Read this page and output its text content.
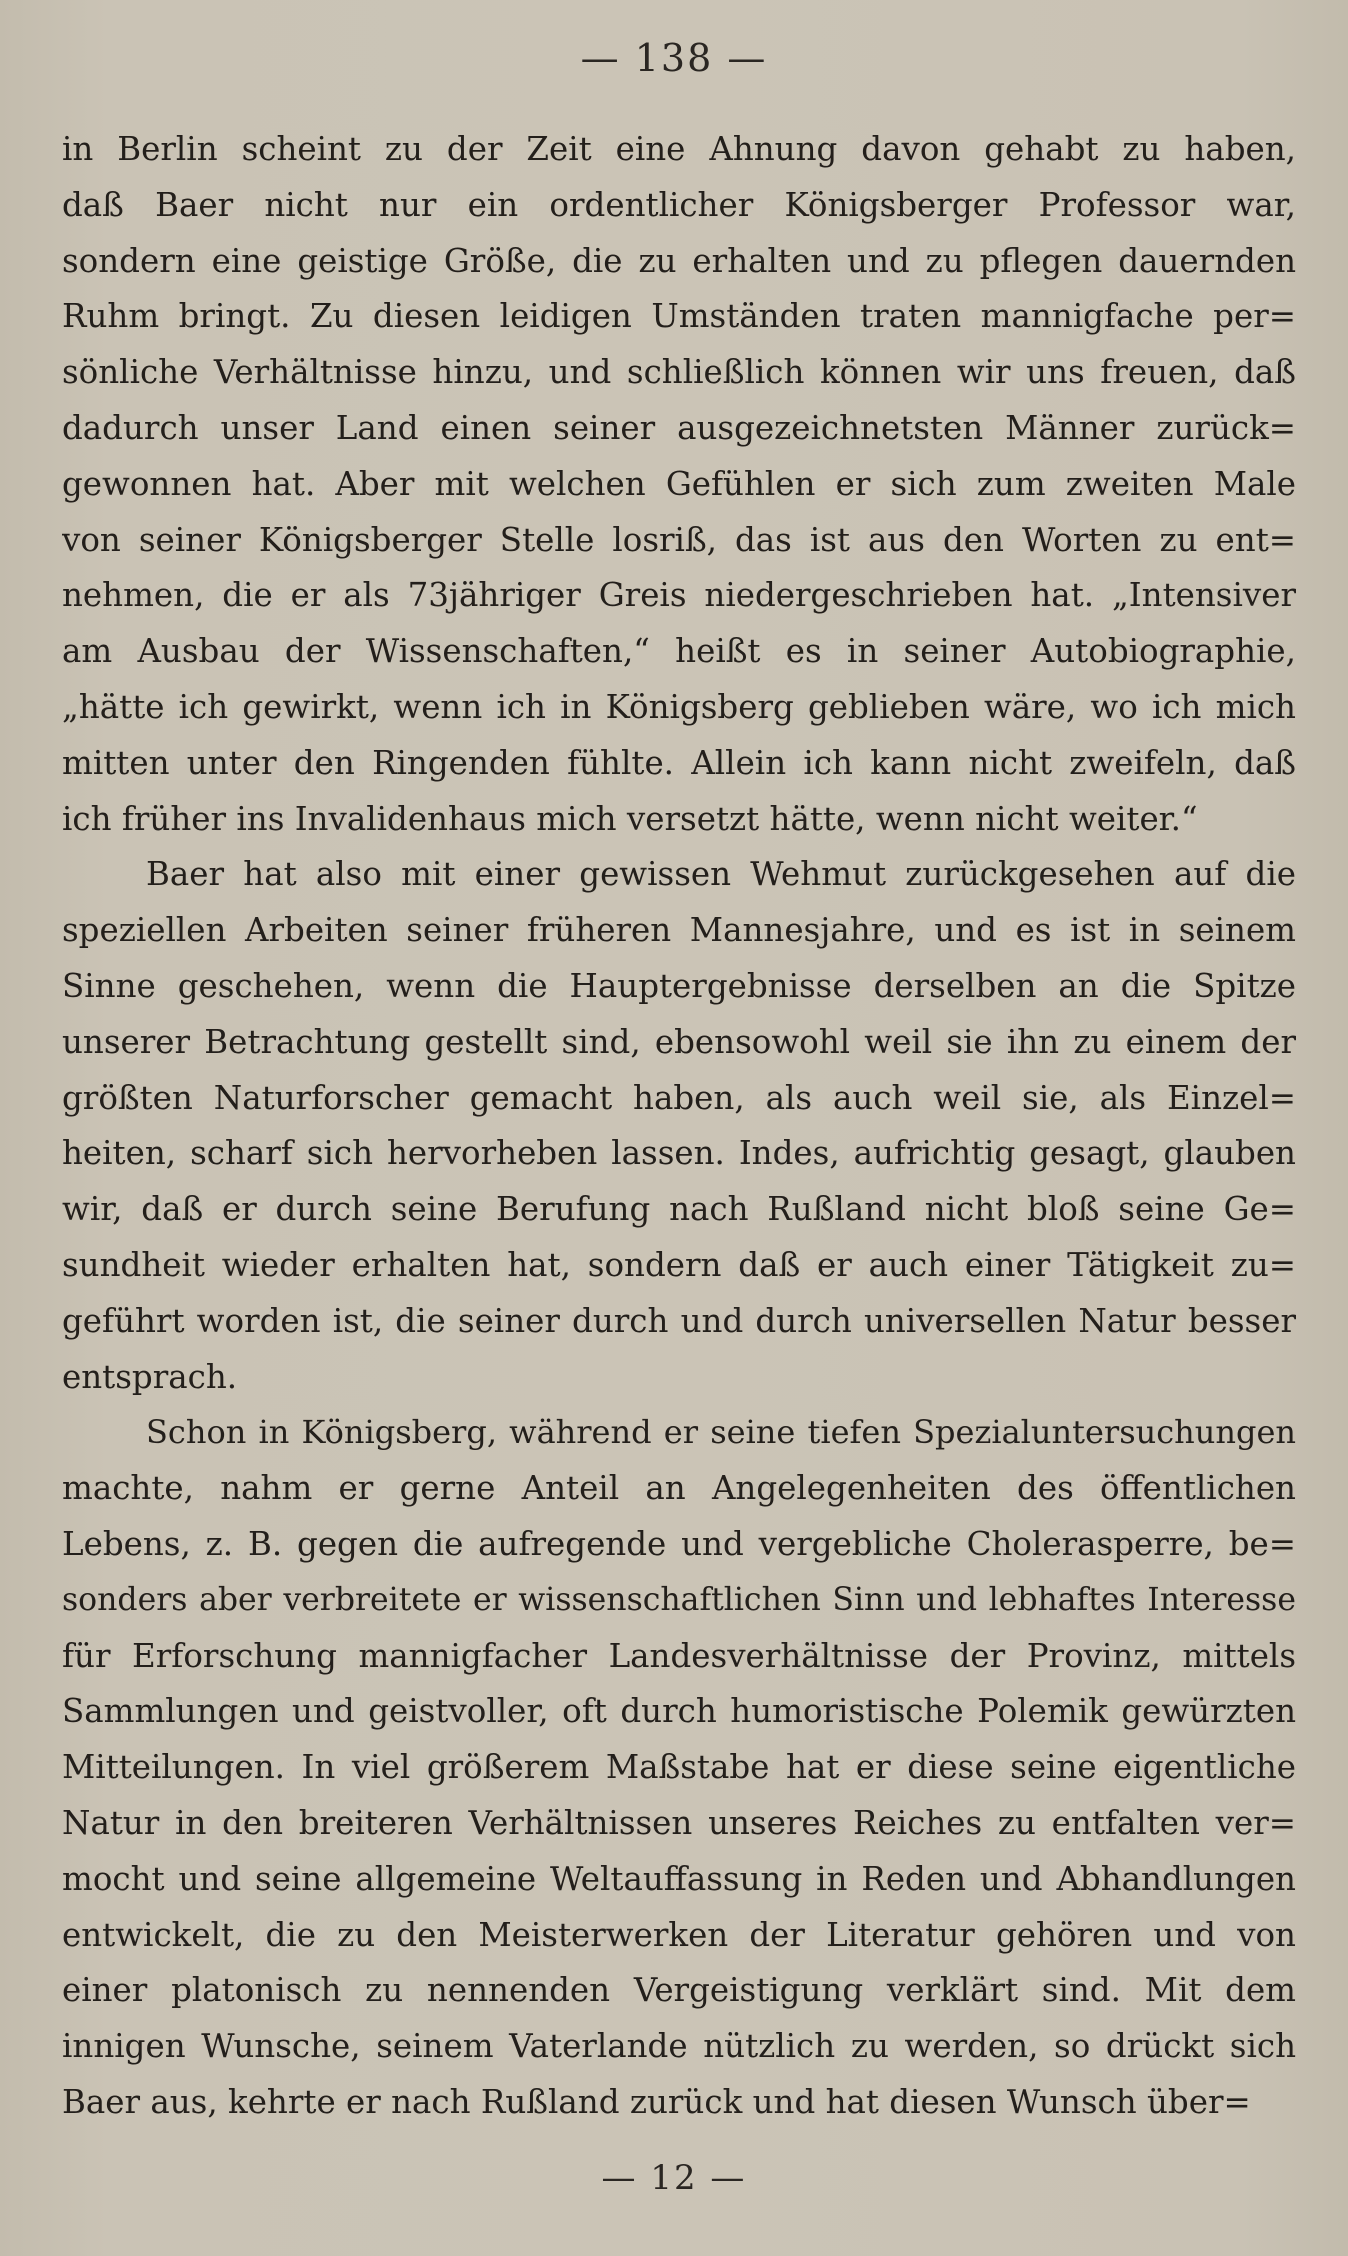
— 138 —
in Berlin scheint zu der Zeit eine Ahnung davon gehabt zu haben,
daß Baer nicht nur ein ordentlicher Königsberger Professor war,
sondern eine geistige Größe, die zu erhalten und zu pflegen dauernden
Ruhm bringt. Zu diesen leidigen Umständen traten mannigfache per=
sönliche Verhältnisse hinzu, und schließlich können wir uns freuen, daß
dadurch unser Land einen seiner ausgezeichnetsten Männer zurück=
gewonnen hat. Aber mit welchen Gefühlen er sich zum zweiten Male
von seiner Königsberger Stelle losriß, das ist aus den Worten zu ent=
nehmen, die er als 73jähriger Greis niedergeschrieben hat. „Intensiver
am Ausbau der Wissenschaften,“ heißt es in seiner Autobiographie,
„hätte ich gewirkt, wenn ich in Königsberg geblieben wäre, wo ich mich
mitten unter den Ringenden fühlte. Allein ich kann nicht zweifeln, daß
ich früher ins Invalidenhaus mich versetzt hätte, wenn nicht weiter.“
Baer hat also mit einer gewissen Wehmut zurückgesehen auf die
speziellen Arbeiten seiner früheren Mannesjahre, und es ist in seinem
Sinne geschehen, wenn die Hauptergebnisse derselben an die Spitze
unserer Betrachtung gestellt sind, ebensowohl weil sie ihn zu einem der
größten Naturforscher gemacht haben, als auch weil sie, als Einzel=
heiten, scharf sich hervorheben lassen. Indes, aufrichtig gesagt, glauben
wir, daß er durch seine Berufung nach Rußland nicht bloß seine Ge=
sundheit wieder erhalten hat, sondern daß er auch einer Tätigkeit zu=
geführt worden ist, die seiner durch und durch universellen Natur besser
entsprach.
Schon in Königsberg, während er seine tiefen Spezialuntersuchungen
machte, nahm er gerne Anteil an Angelegenheiten des öffentlichen
Lebens, z. B. gegen die aufregende und vergebliche Cholerasperre, be=
sonders aber verbreitete er wissenschaftlichen Sinn und lebhaftes Interesse
für Erforschung mannigfacher Landesverhältnisse der Provinz, mittels
Sammlungen und geistvoller, oft durch humoristische Polemik gewürzten
Mitteilungen. In viel größerem Maßstabe hat er diese seine eigentliche
Natur in den breiteren Verhältnissen unseres Reiches zu entfalten ver=
mocht und seine allgemeine Weltauffassung in Reden und Abhandlungen
entwickelt, die zu den Meisterwerken der Literatur gehören und von
einer platonisch zu nennenden Vergeistigung verklärt sind. Mit dem
innigen Wunsche, seinem Vaterlande nützlich zu werden, so drückt sich
Baer aus, kehrte er nach Rußland zurück und hat diesen Wunsch über=
— 12 —
